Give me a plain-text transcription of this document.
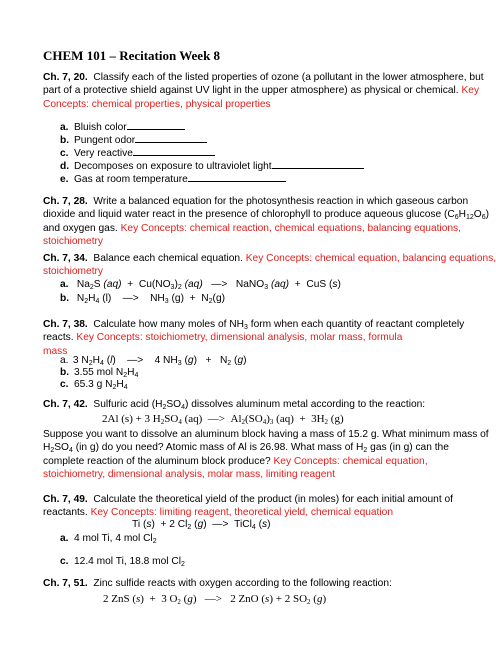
CHEM 101 – Recitation Week 8
Ch. 7, 20. Classify each of the listed properties of ozone (a pollutant in the lower atmosphere, but
part of a protective shield against UV light in the upper atmosphere) as physical or chemical. Key
Concepts: chemical properties, physical properties
a. Bluish color
b. Pungent odor
c. Very reactive
d. Decomposes on exposure to ultraviolet light
e. Gas at room temperature
Ch. 7, 28. Write a balanced equation for the photosynthesis reaction in which gaseous carbon
dioxide and liquid water react in the presence of chlorophyll to produce aqueous glucose $(C_6H_{12}O_6)$
and oxygen gas. Key Concepts: chemical reaction, chemical equations, balancing equations,
stoichiometry
Ch. 7, 34. Balance each chemical equation. Key Concepts: chemical equation, balancing equations,
stoichiometry
a. $Na_2S$ $(aq) + Cu(NO_3)_2$ (aq) —> NaNO$_3$ (aq) + CuS (s)
b. $N_2H_4$ (l)    —> $NH_3$ $(g) + N_2(g)$
Ch. 7, 38. Calculate how many moles of $NH_3$ form when each quantity of reactant completely
reacts. Key Concepts: stoichiometry, dimensional analysis, molar mass, formula
mass
a. 3 $N_2H_4$ (l)    —> 4 $NH_3$ $(g) + N_2$ (g)
b. 3.55 mol $N_2H_4$
c. 65.3 g $N_2H_4$
Ch. 7, 42. Sulfuric acid $(H_2SO_4)$ dissolves aluminum metal according to the reaction:
2Al (s) + 3 $H_2SO_4$ (aq)  —> $Al_2(SO_4)_3$ $(aq) + 3H_2$ (g)
Suppose you want to dissolve an aluminum block having a mass of 15.2 g. What minimum mass of
$H_2SO_4$ (in g) do you need? Atomic mass of Al is 26.98. What mass of $H_2$ gas (in g) can the
complete reaction of the aluminum block produce? Key Concepts: chemical equation,
stoichiometry, dimensional analysis, molar mass, limiting reagent
Ch. 7, 49. Calculate the theoretical yield of the product (in moles) for each initial amount of
reactants. Key Concepts: limiting reagent, theoretical yield, chemical equation
Ti (s)  + 2 $Cl_2$ (g)  —> TiCl$_4$ (s)
a. 4 mol Ti, 4 mol $Cl_2$
c. 12.4 mol Ti, 18.8 mol $Cl_2$
Ch. 7, 51. Zinc sulfide reacts with oxygen according to the following reaction:
2 ZnS (s)  + 3 $O_2$ (g)   —> 2 ZnO (s) + 2 $SO_2$ (g)
